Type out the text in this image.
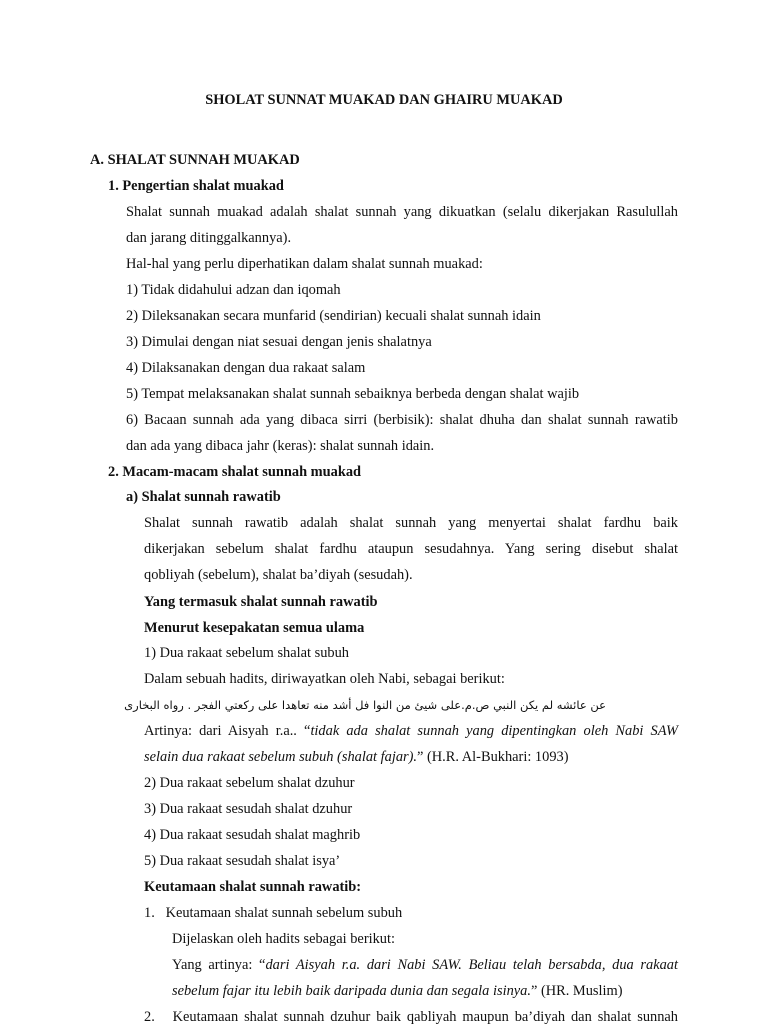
SHOLAT SUNNAT MUAKAD DAN GHAIRU MUAKAD
A. SHALAT SUNNAH MUAKAD
1. Pengertian shalat muakad
Shalat sunnah muakad adalah shalat sunnah yang dikuatkan (selalu dikerjakan Rasulullah
dan jarang ditinggalkannya).
Hal-hal yang perlu diperhatikan dalam shalat sunnah muakad:
1) Tidak didahului adzan dan iqomah
2) Dileksanakan secara munfarid (sendirian) kecuali shalat sunnah idain
3) Dimulai dengan niat sesuai dengan jenis shalatnya
4) Dilaksanakan dengan dua rakaat salam
5) Tempat melaksanakan shalat sunnah sebaiknya berbeda dengan shalat wajib
6) Bacaan sunnah ada yang dibaca sirri (berbisik): shalat dhuha dan shalat sunnah rawatib
dan ada yang dibaca jahr (keras): shalat sunnah idain.
2. Macam-macam shalat sunnah muakad
a) Shalat sunnah rawatib
Shalat sunnah rawatib adalah shalat sunnah yang menyertai shalat fardhu baik
dikerjakan sebelum shalat fardhu ataupun sesudahnya. Yang sering disebut shalat
qobliyah (sebelum), shalat ba’diyah (sesudah).
Yang termasuk shalat sunnah rawatib
Menurut kesepakatan semua ulama
1) Dua rakaat sebelum shalat subuh
Dalam sebuah hadits, diriwayatkan oleh Nabi, sebagai berikut:
عن عائشه لم يكن النبي ص.م.على شيئ من النوا فل أشد منه تعاهدا على ركعتي الفجر . رواه البخارى
Artinya: dari Aisyah r.a.. “tidak ada shalat sunnah yang dipentingkan oleh Nabi SAW
selain dua rakaat sebelum subuh (shalat fajar).” (H.R. Al-Bukhari: 1093)
2) Dua rakaat sebelum shalat dzuhur
3) Dua rakaat sesudah shalat dzuhur
4) Dua rakaat sesudah shalat maghrib
5) Dua rakaat sesudah shalat isya’
Keutamaan shalat sunnah rawatib:
1.   Keutamaan shalat sunnah sebelum subuh
Dijelaskan oleh hadits sebagai berikut:
Yang artinya: “dari Aisyah r.a. dari Nabi SAW. Beliau telah bersabda, dua rakaat
sebelum fajar itu lebih baik daripada dunia dan segala isinya.” (HR. Muslim)
2.   Keutamaan shalat sunnah dzuhur baik qabliyah maupun ba’diyah dan shalat sunnah
